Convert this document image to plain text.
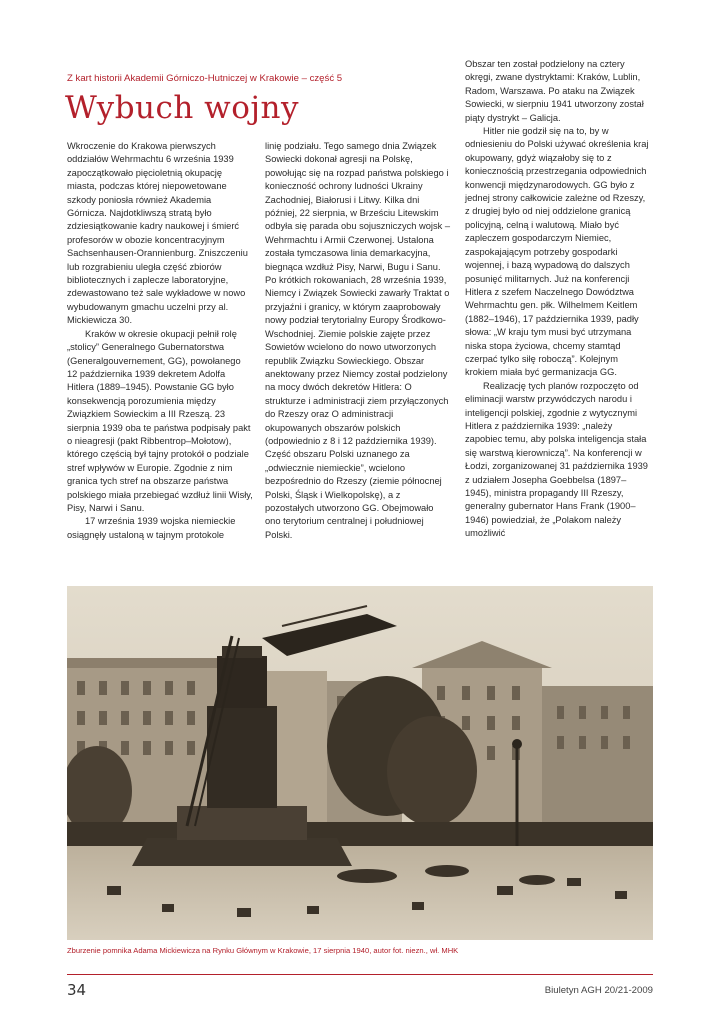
Z kart historii Akademii Górniczo-Hutniczej w Krakowie – część 5
Wybuch wojny

Wkroczenie do Krakowa pierwszych oddziałów Wehrmachtu 6 września 1939 zapoczątkowało pięcioletnią okupację miasta, podczas której niepowetowane szkody poniosła również Akademia Górnicza. Najdotkliwszą stratą było zdziesiątkowanie kadry naukowej i śmierć profesorów w obozie koncentracyjnym Sachsenhausen-Orannienburg. Zniszczeniu lub rozgrabieniu uległa część zbiorów bibliotecznych i zaplecze laboratoryjne, zdewastowano też sale wykładowe w nowo wybudowanym gmachu uczelni przy al. Mickiewicza 30.

Kraków w okresie okupacji pełnił rolę „stolicy” Generalnego Gubernatorstwa (Generalgouvernement, GG), powołanego 12 października 1939 dekretem Adolfa Hitlera (1889–1945). Powstanie GG było konsekwencją porozumienia między Związkiem Sowieckim a III Rzeszą. 23 sierpnia 1939 oba te państwa podpisały pakt o nieagresji (pakt Ribbentrop–Mołotow), którego częścią był tajny protokół o podziale stref wpływów w Europie. Zgodnie z nim granica tych stref na obszarze państwa polskiego miała przebiegać wzdłuż linii Wisły, Pisy, Narwi i Sanu.

17 września 1939 wojska niemieckie osiągnęły ustaloną w tajnym protokole

linię podziału. Tego samego dnia Związek Sowiecki dokonał agresji na Polskę, powołując się na rozpad państwa polskiego i konieczność ochrony ludności Ukrainy Zachodniej, Białorusi i Litwy. Kilka dni później, 22 sierpnia, w Brześciu Litewskim odbyła się parada obu sojuszniczych wojsk – Wehrmachtu i Armii Czerwonej. Ustalona została tymczasowa linia demarkacyjna, biegnąca wzdłuż Pisy, Narwi, Bugu i Sanu. Po krótkich rokowaniach, 28 września 1939, Niemcy i Związek Sowiecki zawarły Traktat o przyjaźni i granicy, w którym zaaprobowały nowy podział terytorialny Europy Środkowo-Wschodniej. Ziemie polskie zajęte przez Sowietów wcielono do nowo utworzonych republik Związku Sowieckiego. Obszar anektowany przez Niemcy został podzielony na mocy dwóch dekretów Hitlera: O strukturze i administracji ziem przyłączonych do Rzeszy oraz O administracji okupowanych obszarów polskich (odpowiednio z 8 i 12 października 1939). Część obszaru Polski uznanego za „odwiecznie niemieckie”, wcielono bezpośrednio do Rzeszy (ziemie północnej Polski, Śląsk i Wielkopolskę), a z pozostałych utworzono GG. Obejmowało ono terytorium centralnej i południowej Polski.

Obszar ten został podzielony na cztery okręgi, zwane dystryktami: Kraków, Lublin, Radom, Warszawa. Po ataku na Związek Sowiecki, w sierpniu 1941 utworzony został piąty dystrykt – Galicja.

Hitler nie godził się na to, by w odniesieniu do Polski używać określenia kraj okupowany, gdyż wiązałoby się to z koniecznością przestrzegania odpowiednich konwencji międzynarodowych. GG było z jednej strony całkowicie zależne od Rzeszy, z drugiej było od niej oddzielone granicą policyjną, celną i walutową. Miało być zapleczem gospodarczym Niemiec, zaspokajającym potrzeby gospodarki wojennej, i bazą wypadową do dalszych posunięć militarnych. Już na konferencji Hitlera z szefem Naczelnego Dowództwa Wehrmachtu gen. płk. Wilhelmem Keitlem (1882–1946), 17 października 1939, padły słowa: „W kraju tym musi być utrzymana niska stopa życiowa, chcemy stamtąd czerpać tylko siłę roboczą”. Kolejnym krokiem miała być germanizacja GG.

Realizację tych planów rozpoczęto od eliminacji warstw przywódczych narodu i inteligencji polskiej, zgodnie z wytycznymi Hitlera z października 1939: „należy zapobiec temu, aby polska inteligencja stała się warstwą kierowniczą”. Na konferencji w Łodzi, zorganizowanej 31 października 1939 z udziałem Josepha Goebbelsa (1897–1945), ministra propagandy III Rzeszy, generalny gubernator Hans Frank (1900–1946) powiedział, że „Polakom należy umożliwić

Zburzenie pomnika Adama Mickiewicza na Rynku Głównym w Krakowie, 17 sierpnia 1940, autor fot. niezn., wł. MHK
34	Biuletyn AGH 20/21-2009
